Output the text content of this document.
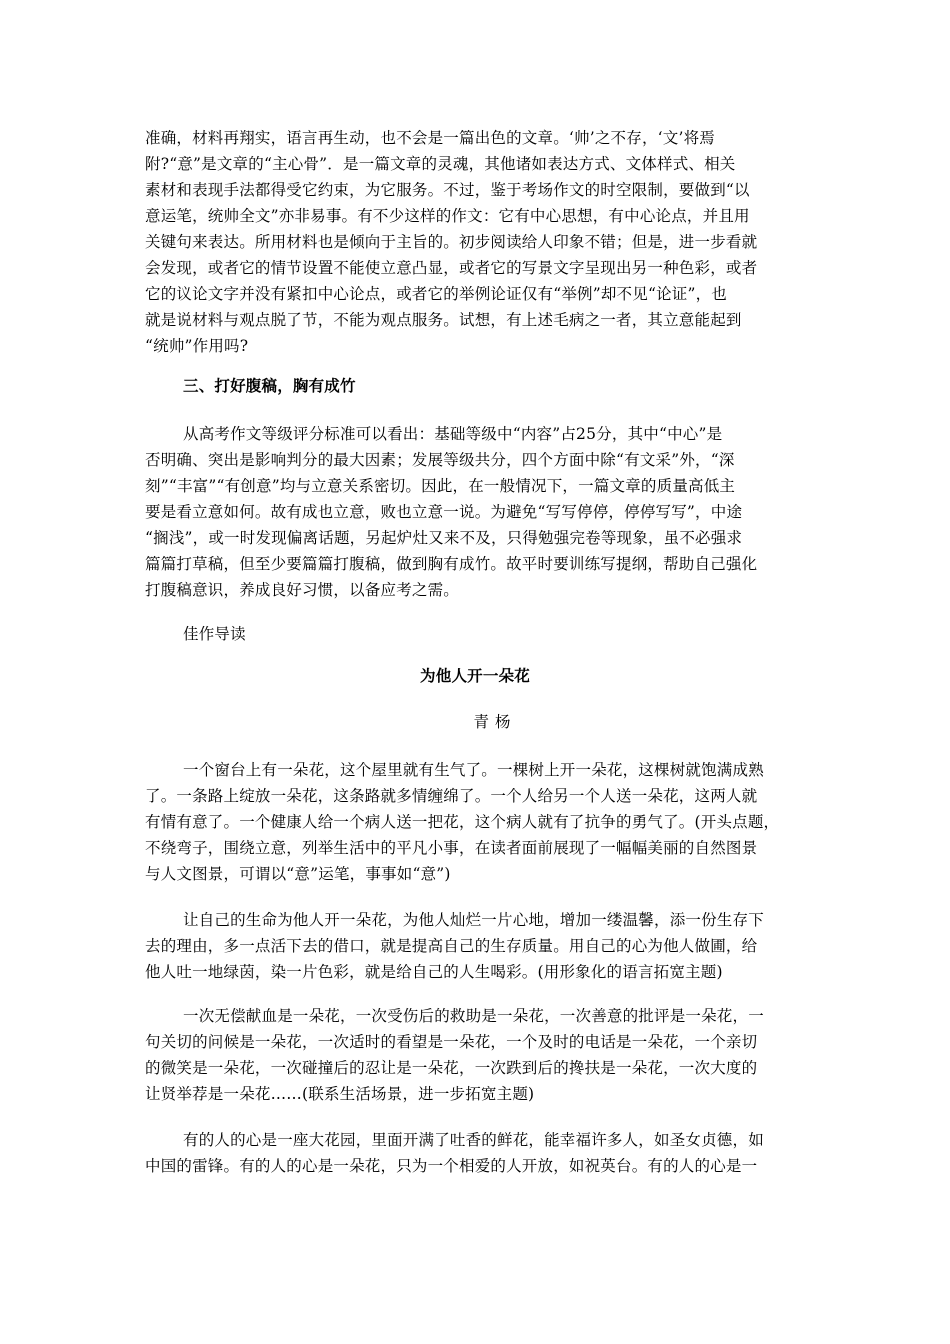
准确，材料再翔实，语言再生动，也不会是一篇出色的文章。‘帅’之不存，‘文’将焉
附?“意”是文章的“主心骨”．是一篇文章的灵魂，其他诸如表达方式、文体样式、相关
素材和表现手法都得受它约束，为它服务。不过，鉴于考场作文的时空限制，要做到“以
意运笔，统帅全文”亦非易事。有不少这样的作文：它有中心思想，有中心论点，并且用
关键句来表达。所用材料也是倾向于主旨的。初步阅读给人印象不错；但是，进一步看就
会发现，或者它的情节设置不能使立意凸显，或者它的写景文字呈现出另一种色彩，或者
它的议论文字并没有紧扣中心论点，或者它的举例论证仅有“举例”却不见“论证”，也
就是说材料与观点脱了节，不能为观点服务。试想，有上述毛病之一者，其立意能起到
“统帅”作用吗?
三、打好腹稿，胸有成竹
从高考作文等级评分标准可以看出：基础等级中“内容”占25分，其中“中心”是
否明确、突出是影响判分的最大因素；发展等级共分，四个方面中除“有文采”外，“深
刻”“丰富”“有创意”均与立意关系密切。因此，在一般情况下，一篇文章的质量高低主
要是看立意如何。故有成也立意，败也立意一说。为避免“写写停停，停停写写”，中途
“搁浅”，或一时发现偏离话题，另起炉灶又来不及，只得勉强完卷等现象，虽不必强求
篇篇打草稿，但至少要篇篇打腹稿，做到胸有成竹。故平时要训练写提纲，帮助自己强化
打腹稿意识，养成良好习惯，以备应考之需。
佳作导读
为他人开一朵花
青杨
一个窗台上有一朵花，这个屋里就有生气了。一棵树上开一朵花，这棵树就饱满成熟
了。一条路上绽放一朵花，这条路就多情缠绵了。一个人给另一个人送一朵花，这两人就
有情有意了。一个健康人给一个病人送一把花，这个病人就有了抗争的勇气了。(开头点题，
不绕弯子，围绕立意，列举生活中的平凡小事，在读者面前展现了一幅幅美丽的自然图景
与人文图景，可谓以“意”运笔，事事如“意”)
让自己的生命为他人开一朵花，为他人灿烂一片心地，增加一缕温馨，添一份生存下
去的理由，多一点活下去的借口，就是提高自己的生存质量。用自己的心为他人做圃，给
他人吐一地绿茵，染一片色彩，就是给自己的人生喝彩。(用形象化的语言拓宽主题)
一次无偿献血是一朵花，一次受伤后的救助是一朵花，一次善意的批评是一朵花，一
句关切的问候是一朵花，一次适时的看望是一朵花，一个及时的电话是一朵花，一个亲切
的微笑是一朵花，一次碰撞后的忍让是一朵花，一次跌到后的搀扶是一朵花，一次大度的
让贤举荐是一朵花……(联系生活场景，进一步拓宽主题)
有的人的心是一座大花园，里面开满了吐香的鲜花，能幸福许多人，如圣女贞德，如
中国的雷锋。有的人的心是一朵花，只为一个相爱的人开放，如祝英台。有的人的心是一
